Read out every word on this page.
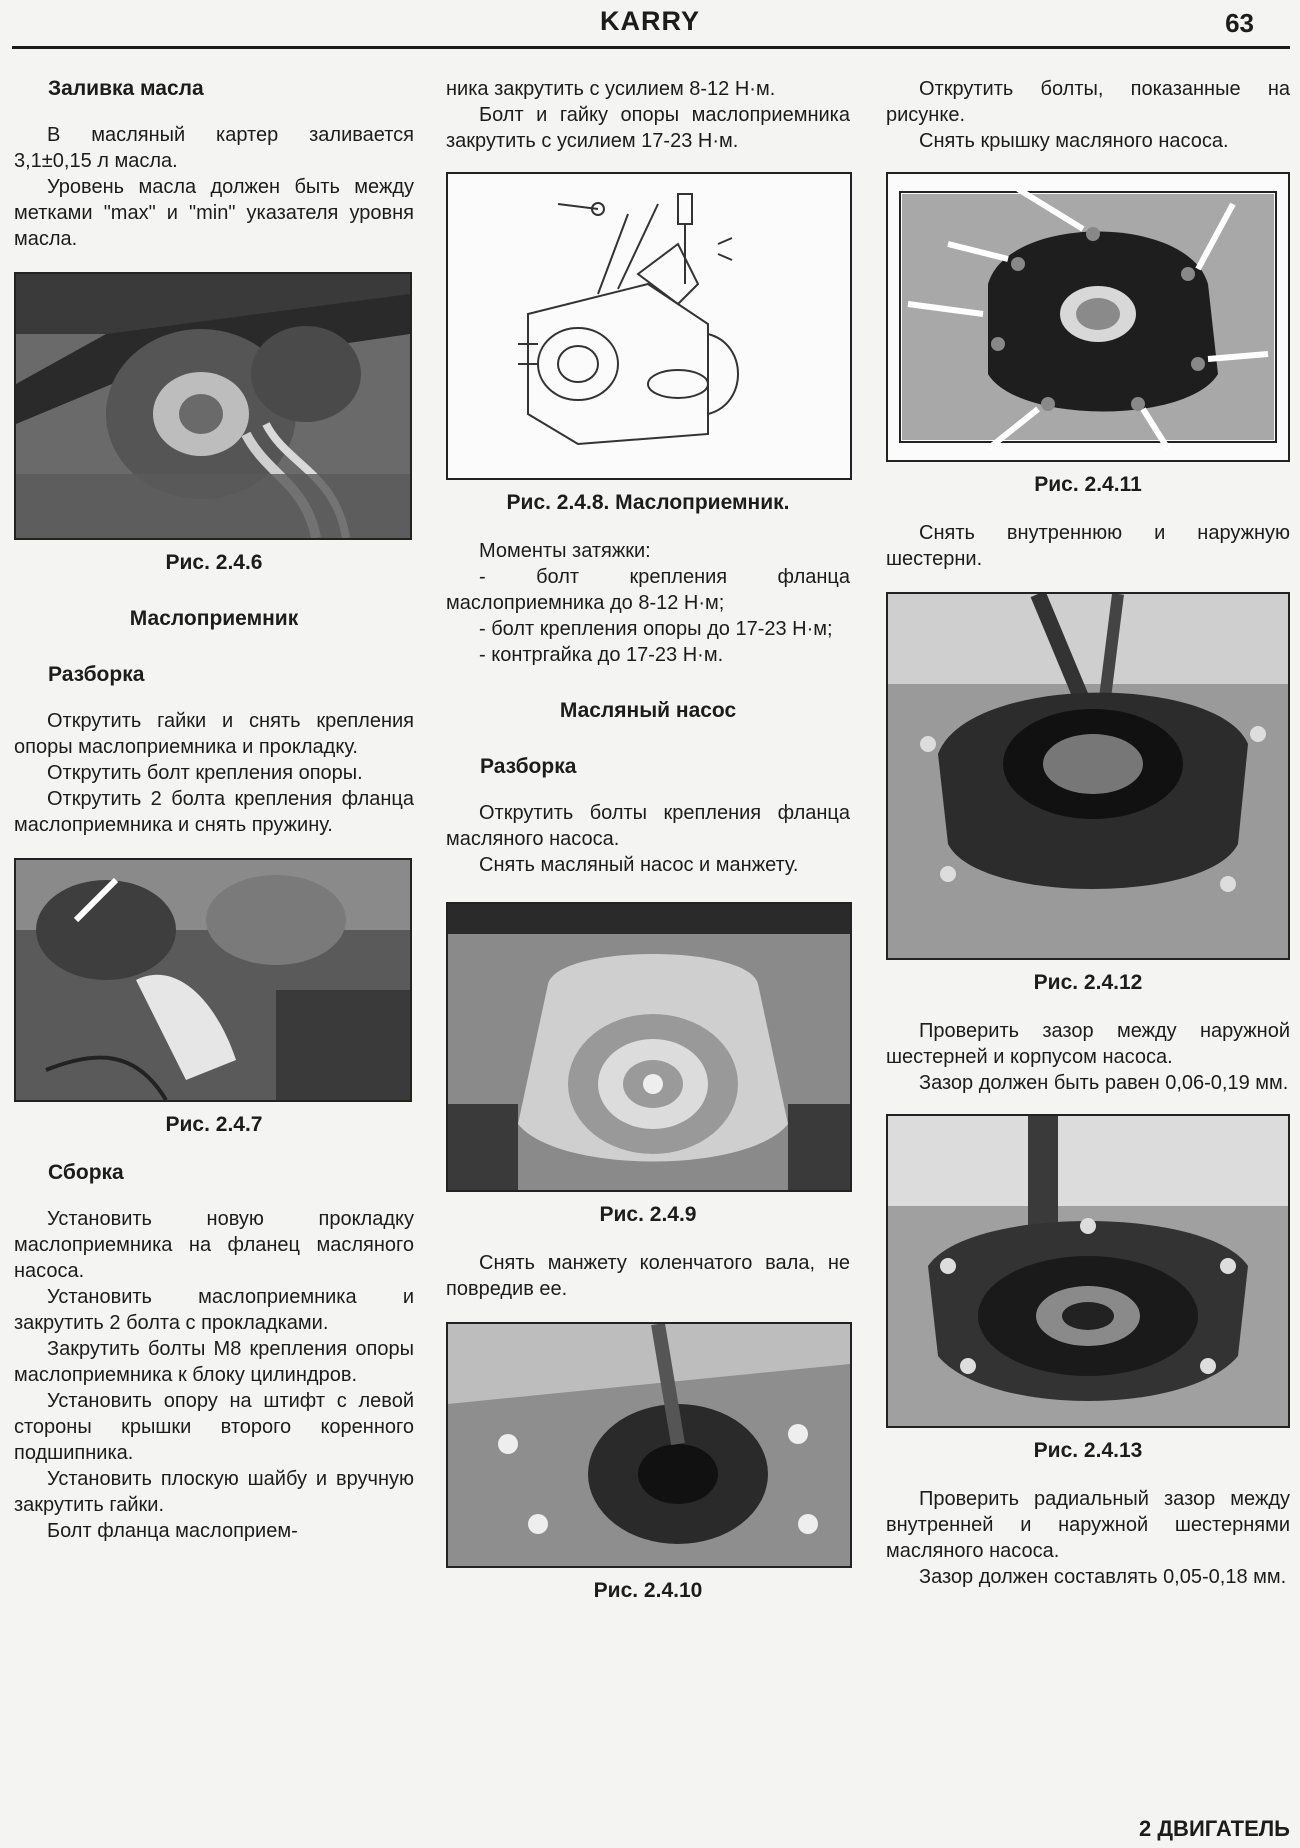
KARRY	63
Заливка масла

В масляный картер заливается 3,1±0,15 л масла.

Уровень масла должен быть между метками "max" и "min" указателя уровня масла.

Рис. 2.4.6
Маслоприемник
Разборка

Открутить гайки и снять крепления опоры маслоприемника и прокладку.

Открутить болт крепления опоры.

Открутить 2 болта крепления фланца маслоприемника и снять пружину.

Рис. 2.4.7
Сборка

Установить новую прокладку маслоприемника на фланец масляного насоса.

Установить маслоприемника и закрутить 2 болта с прокладками.

Закрутить болты М8 крепления опоры маслоприемника к блоку цилиндров.

Установить опору на штифт с левой стороны крышки второго коренного подшипника.

Установить плоскую шайбу и вручную закрутить гайки.

Болт фланца маслоприем-

ника закрутить с усилием 8-12 Н·м.

Болт и гайку опоры маслоприемника закрутить с усилием 17-23 Н·м.

Рис. 2.4.8. Маслоприемник.

Моменты затяжки:

- болт крепления фланца маслоприемника до 8-12 Н·м;

- болт крепления опоры до 17-23 Н·м;

- контргайка до 17-23 Н·м.

Масляный насос
Разборка

Открутить болты крепления фланца масляного насоса.

Снять масляный насос и манжету.

Рис. 2.4.9

Снять манжету коленчатого вала, не повредив ее.

Рис. 2.4.10

Открутить болты, показанные на рисунке.

Снять крышку масляного насоса.

Рис. 2.4.11

Снять внутреннюю и наружную шестерни.

Рис. 2.4.12

Проверить зазор между наружной шестерней и корпусом насоса.

Зазор должен быть равен 0,06-0,19 мм.

Рис. 2.4.13

Проверить радиальный зазор между внутренней и наружной шестернями масляного насоса.

Зазор должен составлять 0,05-0,18 мм.

2 ДВИГАТЕЛЬ
